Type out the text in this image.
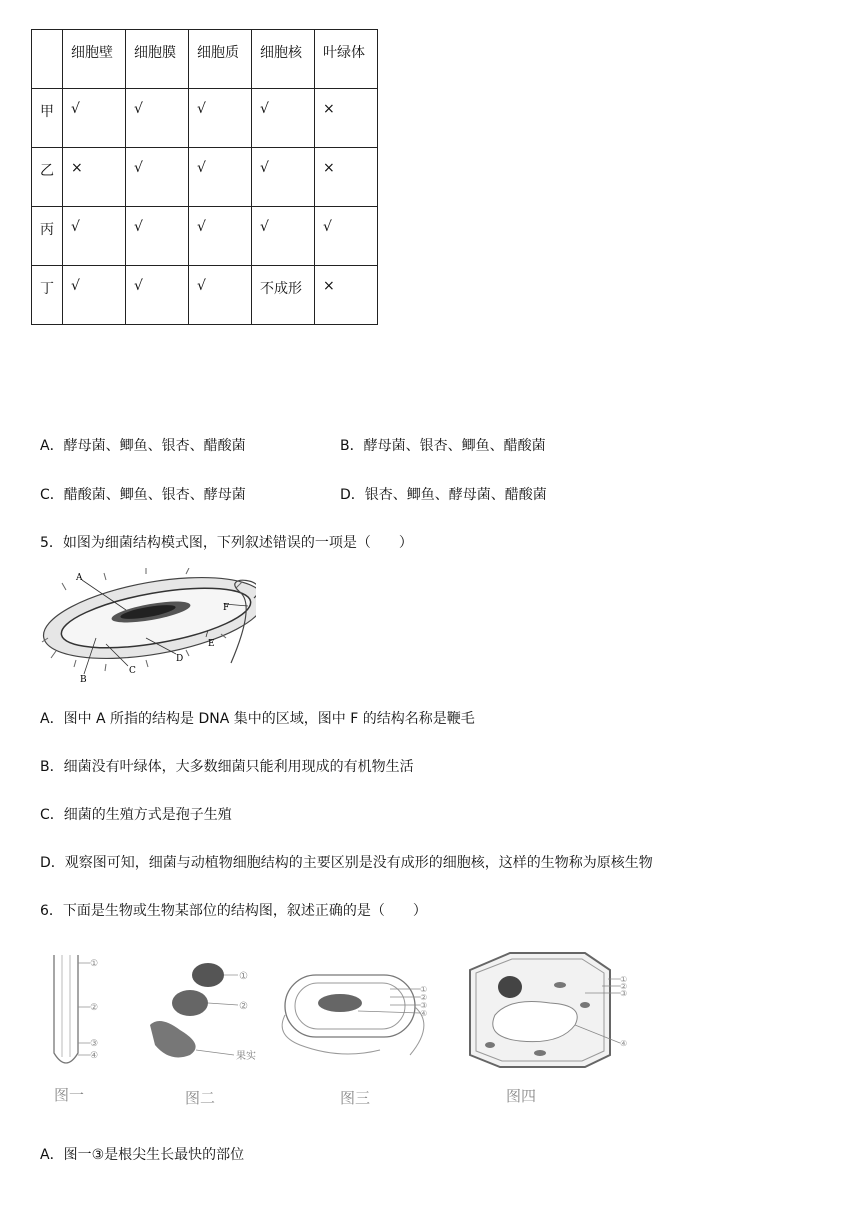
	细胞壁	细胞膜	细胞质	细胞核	叶绿体
甲	√	√	√	√	×
乙	×	√	√	√	×
丙	√	√	√	√	√
丁	√	√	√	不成形	×
A．酵母菌、鲫鱼、银杏、醋酸菌	B．酵母菌、银杏、鲫鱼、醋酸菌
C．醋酸菌、鲫鱼、银杏、酵母菌	D．银杏、鲫鱼、酵母菌、醋酸菌
5．如图为细菌结构模式图，下列叙述错误的一项是（　　）
A
F
E
D
C
B
A．图中 A 所指的结构是 DNA 集中的区域，图中 F 的结构名称是鞭毛
B．细菌没有叶绿体，大多数细菌只能利用现成的有机物生活
C．细菌的生殖方式是孢子生殖
D．观察图可知，细菌与动植物细胞结构的主要区别是没有成形的细胞核，这样的生物称为原核生物
6．下面是生物或生物某部位的结构图，叙述正确的是（　　）
①
②
③
④
①
②
果实
①
②
③
④
①
②
③
④
图一	图二	图三	图四
A．图一③是根尖生长最快的部位
